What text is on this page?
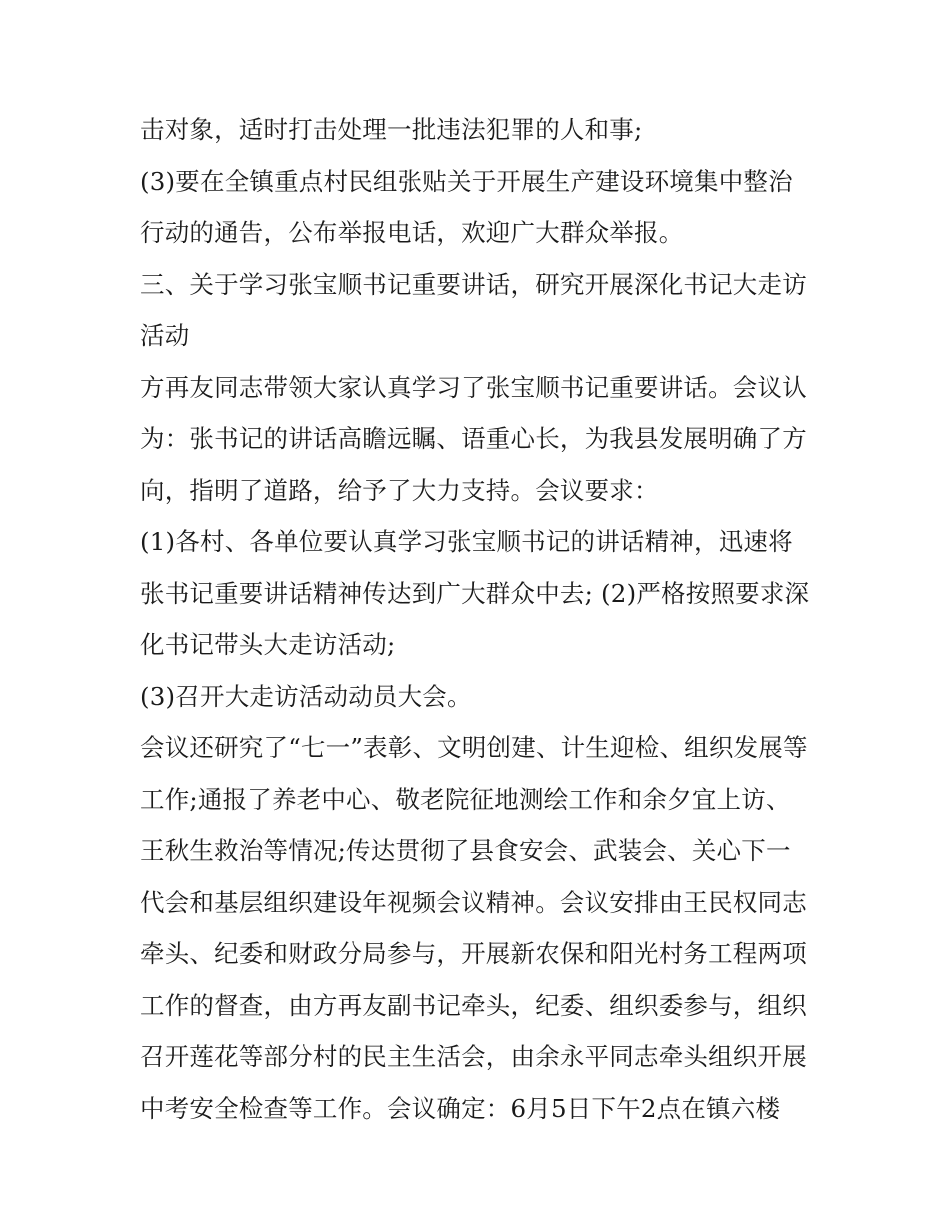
击对象，适时打击处理一批违法犯罪的人和事;
(3)要在全镇重点村民组张贴关于开展生产建设环境集中整治
行动的通告，公布举报电话，欢迎广大群众举报。
三、关于学习张宝顺书记重要讲话，研究开展深化书记大走访
活动
方再友同志带领大家认真学习了张宝顺书记重要讲话。会议认
为：张书记的讲话高瞻远瞩、语重心长，为我县发展明确了方
向，指明了道路，给予了大力支持。会议要求：
(1)各村、各单位要认真学习张宝顺书记的讲话精神，迅速将
张书记重要讲话精神传达到广大群众中去; (2)严格按照要求深
化书记带头大走访活动;
(3)召开大走访活动动员大会。
会议还研究了“七一”表彰、文明创建、计生迎检、组织发展等
工作;通报了养老中心、敬老院征地测绘工作和余夕宜上访、
王秋生救治等情况;传达贯彻了县食安会、武装会、关心下一
代会和基层组织建设年视频会议精神。会议安排由王民权同志
牵头、纪委和财政分局参与，开展新农保和阳光村务工程两项
工作的督查，由方再友副书记牵头，纪委、组织委参与，组织
召开莲花等部分村的民主生活会，由余永平同志牵头组织开展
中考安全检查等工作。会议确定：6月5日下午2点在镇六楼
